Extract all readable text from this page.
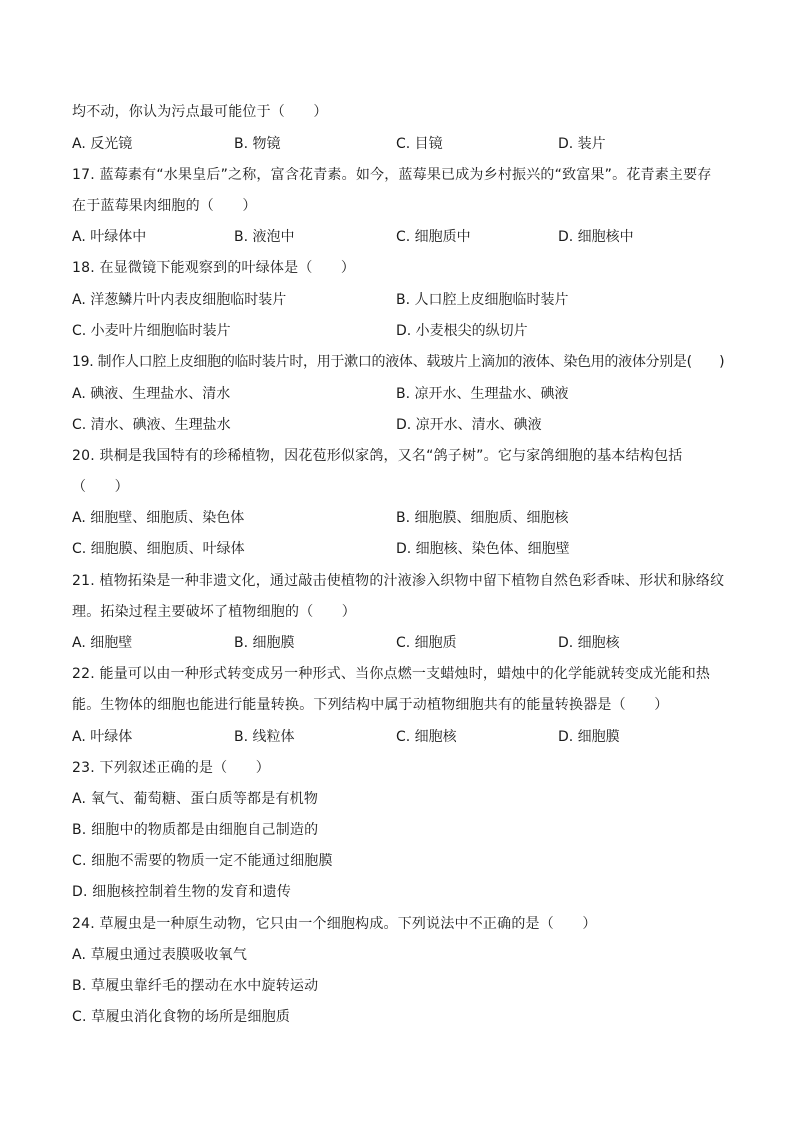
均不动，你认为污点最可能位于（　　）
A. 反光镜	B. 物镜	C. 目镜	D. 装片
17. 蓝莓素有“水果皇后”之称，富含花青素。如今，蓝莓果已成为乡村振兴的“致富果”。花青素主要存
在于蓝莓果肉细胞的（　　）
A. 叶绿体中	B. 液泡中	C. 细胞质中	D. 细胞核中
18. 在显微镜下能观察到的叶绿体是（　　）
A. 洋葱鳞片叶内表皮细胞临时装片	B. 人口腔上皮细胞临时装片
C. 小麦叶片细胞临时装片	D. 小麦根尖的纵切片
19. 制作人口腔上皮细胞的临时装片时，用于漱口的液体、载玻片上滴加的液体、染色用的液体分别是(　　)
A. 碘液、生理盐水、清水	B. 凉开水、生理盐水、碘液
C. 清水、碘液、生理盐水	D. 凉开水、清水、碘液
20. 珙桐是我国特有的珍稀植物，因花苞形似家鸽，又名“鸽子树”。它与家鸽细胞的基本结构包括
（　　）
A. 细胞壁、细胞质、染色体	B. 细胞膜、细胞质、细胞核
C. 细胞膜、细胞质、叶绿体	D. 细胞核、染色体、细胞壁
21. 植物拓染是一种非遗文化，通过敲击使植物的汁液渗入织物中留下植物自然色彩香味、形状和脉络纹
理。拓染过程主要破坏了植物细胞的（　　）
A. 细胞壁	B. 细胞膜	C. 细胞质	D. 细胞核
22. 能量可以由一种形式转变成另一种形式、当你点燃一支蜡烛时，蜡烛中的化学能就转变成光能和热
能。生物体的细胞也能进行能量转换。下列结构中属于动植物细胞共有的能量转换器是（　　）
A. 叶绿体	B. 线粒体	C. 细胞核	D. 细胞膜
23. 下列叙述正确的是（　　）
A. 氧气、葡萄糖、蛋白质等都是有机物
B. 细胞中的物质都是由细胞自己制造的
C. 细胞不需要的物质一定不能通过细胞膜
D. 细胞核控制着生物的发育和遗传
24. 草履虫是一种原生动物，它只由一个细胞构成。下列说法中不正确的是（　　）
A. 草履虫通过表膜吸收氧气
B. 草履虫靠纤毛的摆动在水中旋转运动
C. 草履虫消化食物的场所是细胞质
